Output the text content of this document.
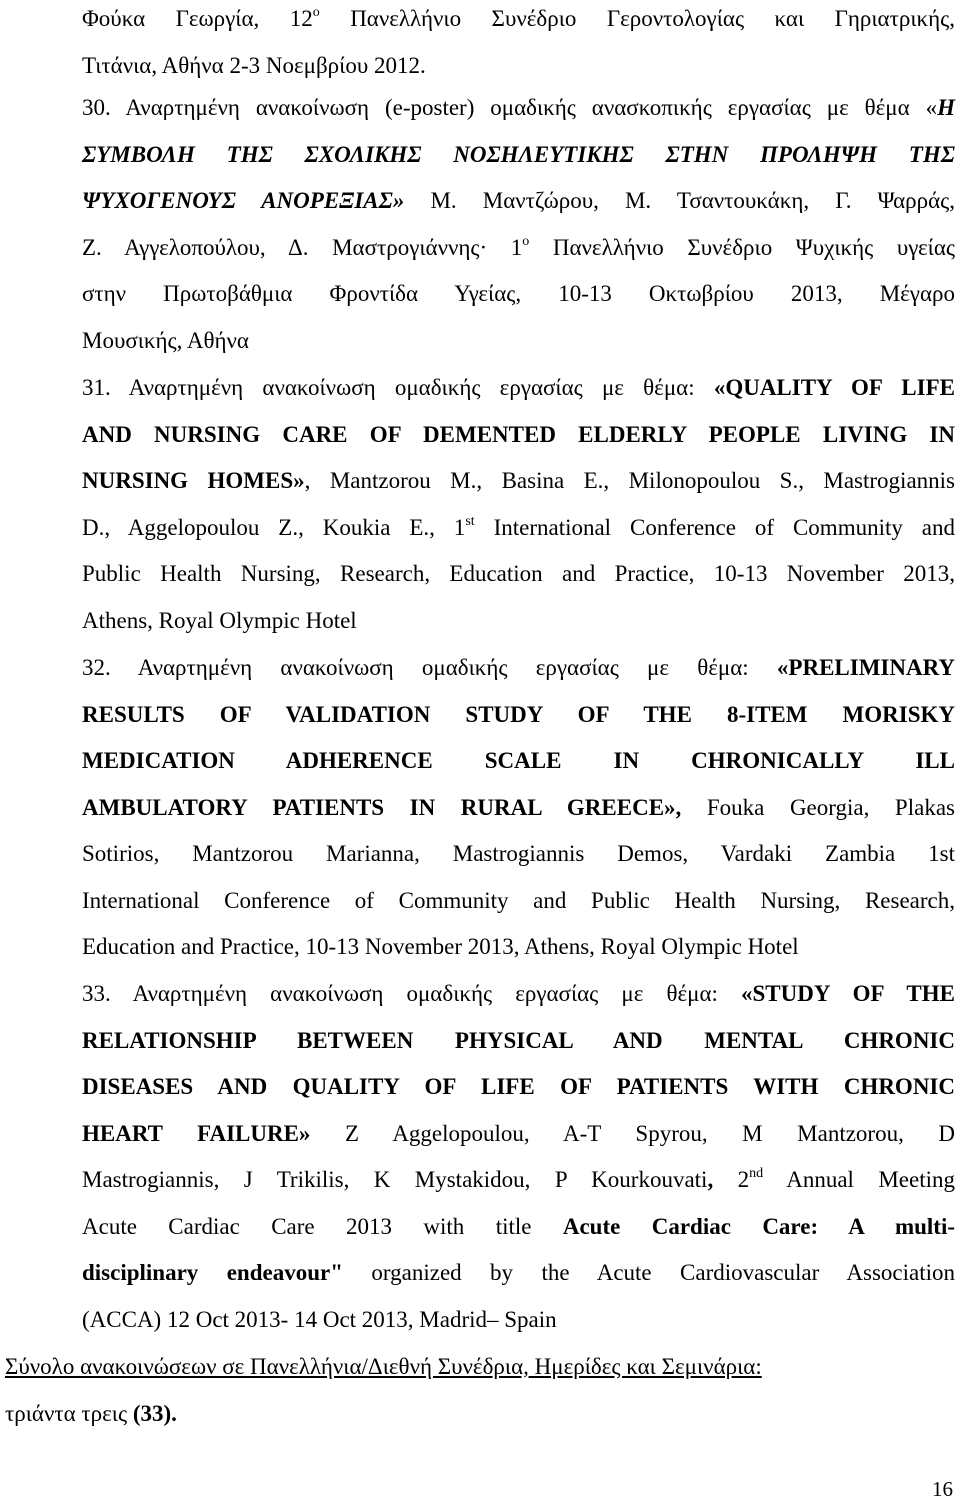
Φούκα Γεωργία, $12^o$ Πανελλήνιο Συνέδριο Γεροντολογίας και Γηριατρικής,
Τιτάνια, Αθήνα 2-3 Νοεμβρίου 2012.
30. Αναρτημένη ανακοίνωση (e-poster) ομαδικής ανασκοπικής εργασίας με θέμα «Η
ΣΥΜΒΟΛΗ ΤΗΣ ΣΧΟΛΙΚΗΣ ΝΟΣΗΛΕΥΤΙΚΗΣ ΣΤΗΝ ΠΡΟΛΗΨΗ ΤΗΣ
ΨΥΧΟΓΕΝΟΥΣ ΑΝΟΡΕΞΙΑΣ» Μ. Μαντζώρου, Μ. Τσαντουκάκη, Γ. Ψαρράς,
Ζ. Αγγελοπούλου, Δ. $M\alpha\sigma\tau\rho o\gamma\iota ά\nu\nu\eta\varsigma\cdot 1^o$ Πανελλήνιο Συνέδριο Ψυχικής υγείας
στην Πρωτοβάθμια Φροντίδα Υγείας, 10-13 Οκτωβρίου 2013, Μέγαρο
Μουσικής, Αθήνα
31. Αναρτημένη ανακοίνωση ομαδικής εργασίας με θέμα: «QUALITY OF LIFE
AND NURSING CARE OF DEMENTED ELDERLY PEOPLE LIVING IN
NURSING HOMES», Mantzorou M., Basina E., Milonopoulou S., Mastrogiannis
D., Aggelopoulou Z., Koukia E., 1st International Conference of Community and
Public Health Nursing, Research, Education and Practice, 10-13 November 2013,
Athens, Royal Olympic Hotel
32. Αναρτημένη ανακοίνωση ομαδικής εργασίας με θέμα: «PRELIMINARY
RESULTS OF VALIDATION STUDY OF THE 8-ITEM MORISKY
MEDICATION ADHERENCE SCALE IN CHRONICALLY ILL
AMBULATORY PATIENTS IN RURAL GREECE», Fouka Georgia, Plakas
Sotirios, Mantzorou Marianna, Mastrogiannis Demos, Vardaki Zambia 1st
International Conference of Community and Public Health Nursing, Research,
Education and Practice, 10-13 November 2013, Athens, Royal Olympic Hotel
33. Αναρτημένη ανακοίνωση ομαδικής εργασίας με θέμα: «STUDY OF THE
RELATIONSHIP BETWEEN PHYSICAL AND MENTAL CHRONIC
DISEASES AND QUALITY OF LIFE OF PATIENTS WITH CHRONIC
HEART FAILURE» Z Aggelopoulou, A-T Spyrou, M Mantzorou, D
Mastrogiannis, J Trikilis, K Mystakidou, P Kourkouvati, 2nd Annual Meeting
Acute Cardiac Care 2013 with title Acute Cardiac Care: A multi-
disciplinary endeavour" organized by the Acute Cardiovascular Association
(ACCA) 12 Oct 2013- 14 Oct 2013, Madrid– Spain
Σύνολο ανακοινώσεων σε Πανελλήνια/Διεθνή Συνέδρια, Ημερίδες και Σεμινάρια:
τριάντα τρεις (33).
16
